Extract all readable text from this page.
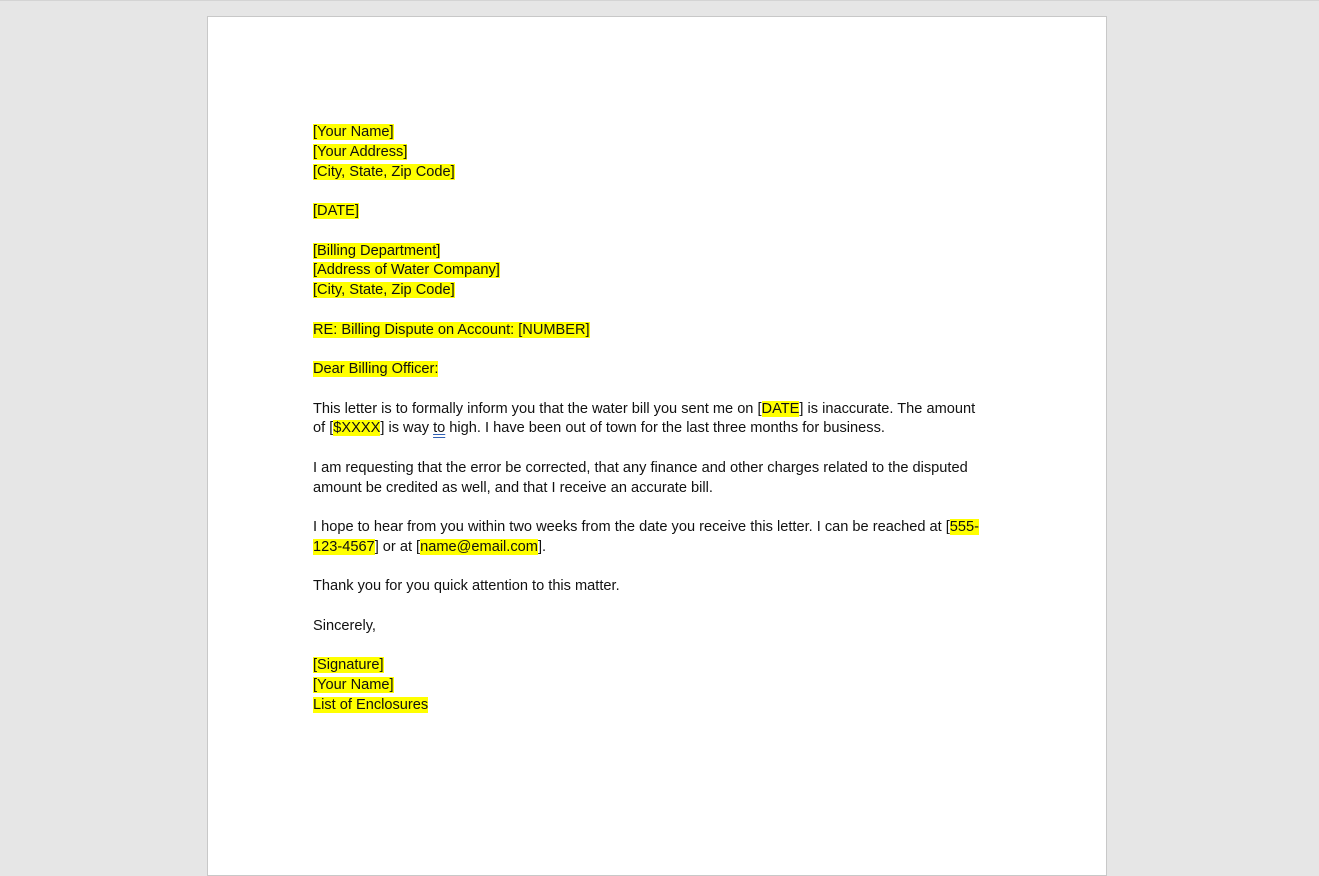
[Your Name]
[Your Address]
[City, State, Zip Code]
[DATE]
[Billing Department]
[Address of Water Company]
[City, State, Zip Code]
RE: Billing Dispute on Account: [NUMBER]
Dear Billing Officer:
This letter is to formally inform you that the water bill you sent me on [DATE] is inaccurate. The amount
of [$XXXX] is way to high. I have been out of town for the last three months for business.
I am requesting that the error be corrected, that any finance and other charges related to the disputed
amount be credited as well, and that I receive an accurate bill.
I hope to hear from you within two weeks from the date you receive this letter. I can be reached at [555-
123-4567] or at [name@email.com].
Thank you for you quick attention to this matter.
Sincerely,
[Signature]
[Your Name]
List of Enclosures
